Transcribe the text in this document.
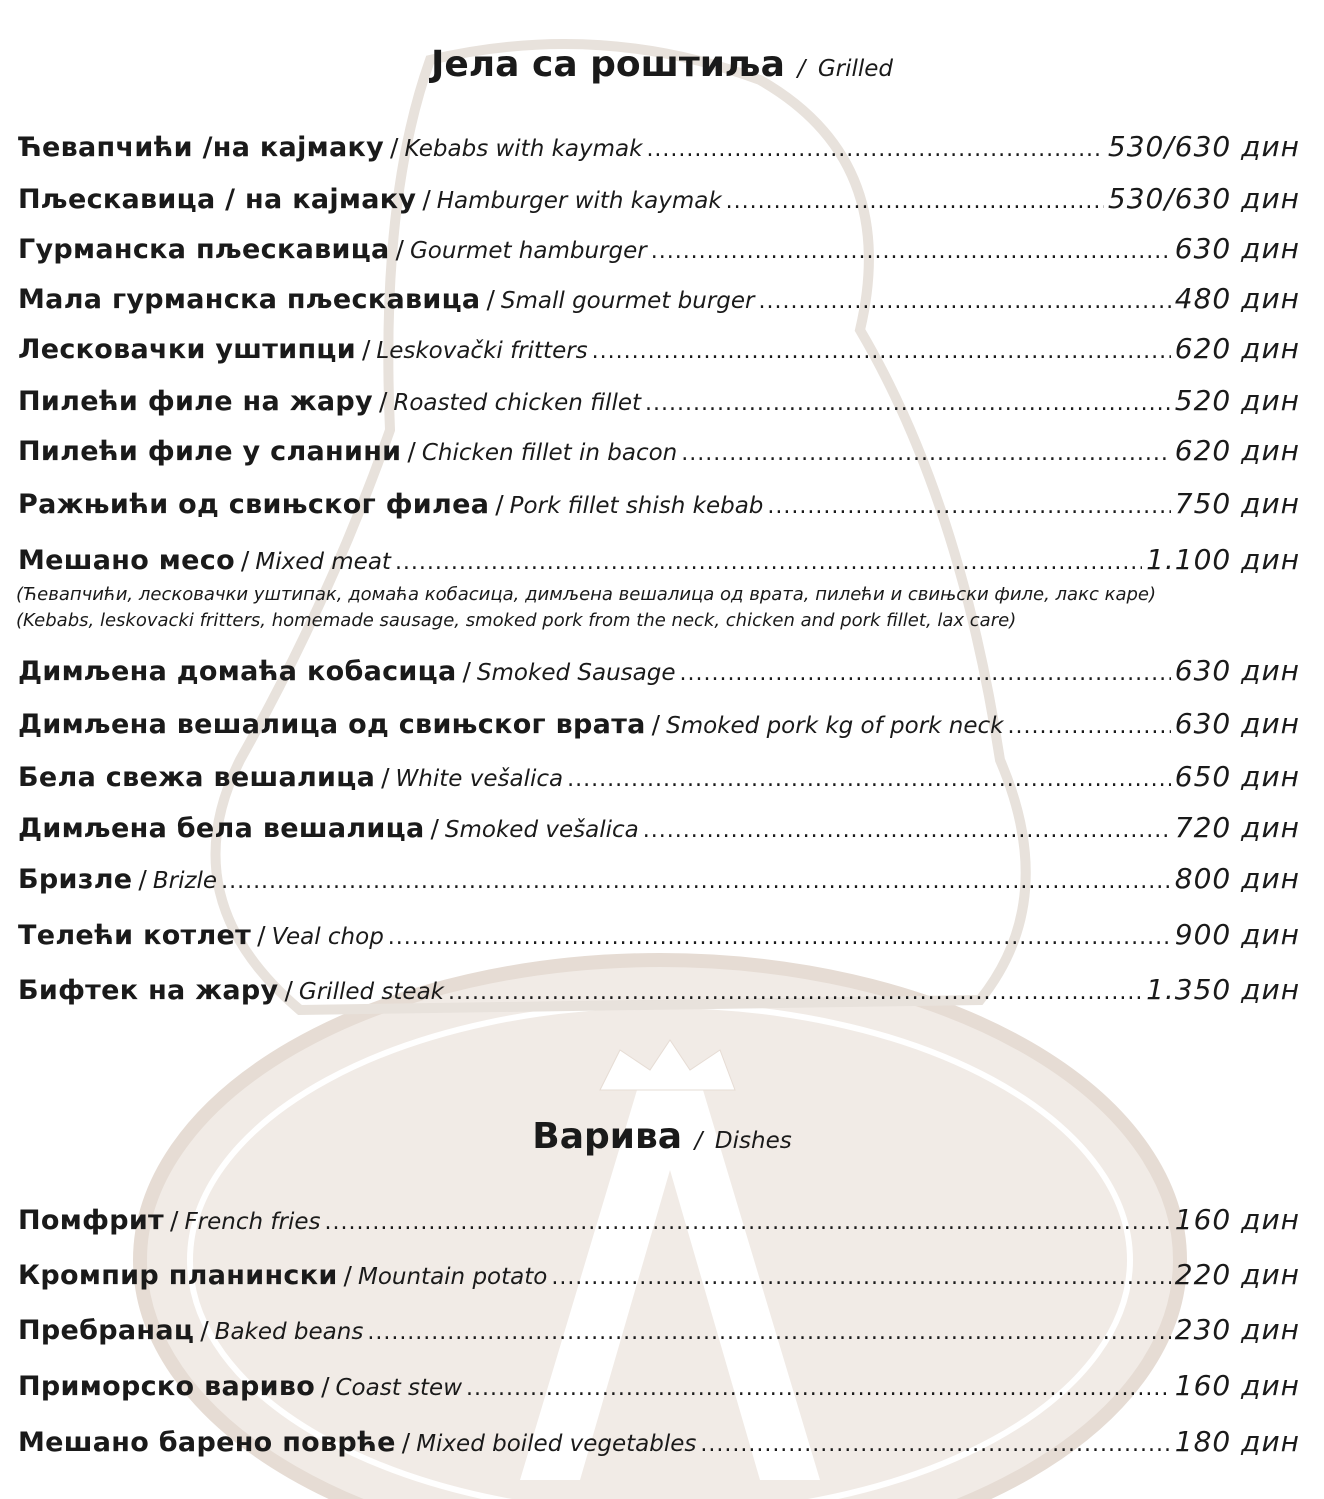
Јела са роштиља / Grilled
Ћевапчићи /на кајмаку / Kebabs with kaymak .....	530/630 дин
Пљескавица / на кајмаку / Hamburger with kaymak .....	530/630 дин
Гурманска пљескавица / Gourmet hamburger .....	630 дин
Мала гурманска пљескавица / Small gourmet burger .....	480 дин
Лесковачки уштипци / Leskovački fritters .....	620 дин
Пилећи филе на жару / Roasted chicken fillet .....	520 дин
Пилећи филе у сланини / Chicken fillet in bacon .....	620 дин
Ражњићи од свињског филеа / Pork fillet shish kebab .....	750 дин
Мешано месо / Mixed meat .....	1.100 дин
Димљена домаћа кобасица / Smoked Sausage .....	630 дин
Димљена вешалица од свињског врата / Smoked pork kg of pork neck .....	630 дин
Бела свежа вешалица / White vešalica .....	650 дин
Димљена бела вешалица / Smoked vešalica .....	720 дин
Бризле / Brizle .....	800 дин
Телећи котлет / Veal chop .....	900 дин
Бифтек на жару / Grilled steak .....	1.350 дин
(Ћевапчићи, лесковачки уштипак, домаћа кобасица, димљена вешалица од врата, пилећи и свињски филе, лакс каре)
(Kebabs, leskovacki fritters, homemade sausage, smoked pork from the neck, chicken and pork fillet, lax care)
Варива / Dishes
Помфрит / French fries .....	160 дин
Кромпир планински / Mountain potato .....	220 дин
Пребранац / Baked beans .....	230 дин
Приморско вариво / Coast stew .....	160 дин
Мешано барено поврће / Mixed boiled vegetables .....	180 дин
